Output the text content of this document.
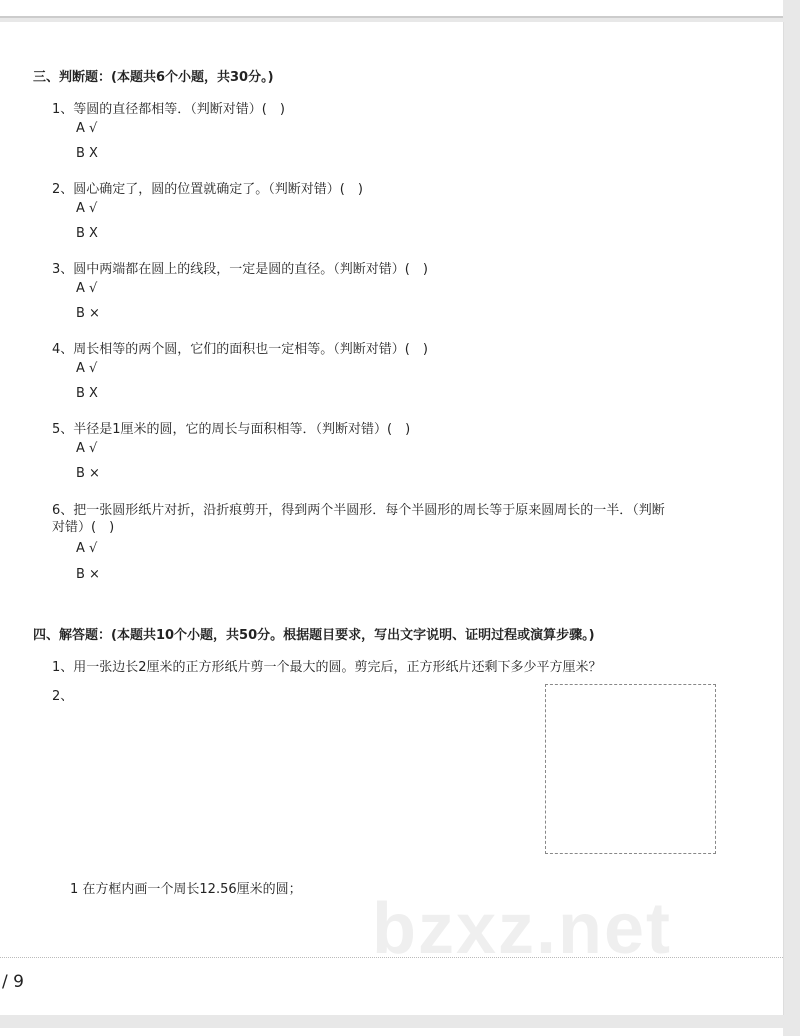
三、判断题：(本题共6个小题，共30分。)
1、等圆的直径都相等．（判断对错）(　)
A √
B X
2、圆心确定了，圆的位置就确定了。（判断对错）(　)
A √
B X
3、圆中两端都在圆上的线段，一定是圆的直径。（判断对错）(　)
A √
B ×
4、周长相等的两个圆，它们的面积也一定相等。（判断对错）(　)
A √
B X
5、半径是1厘米的圆，它的周长与面积相等．（判断对错）(　)
A √
B ×
6、把一张圆形纸片对折，沿折痕剪开，得到两个半圆形．每个半圆形的周长等于原来圆周长的一半．（判断
对错）(　)
A √
B ×
四、解答题：(本题共10个小题，共50分。根据题目要求，写出文字说明、证明过程或演算步骤。)
1、用一张边长2厘米的正方形纸片剪一个最大的圆。剪完后，正方形纸片还剩下多少平方厘米？
2、
1 在方框内画一个周长12.56厘米的圆； bzxz.net
/ 9
